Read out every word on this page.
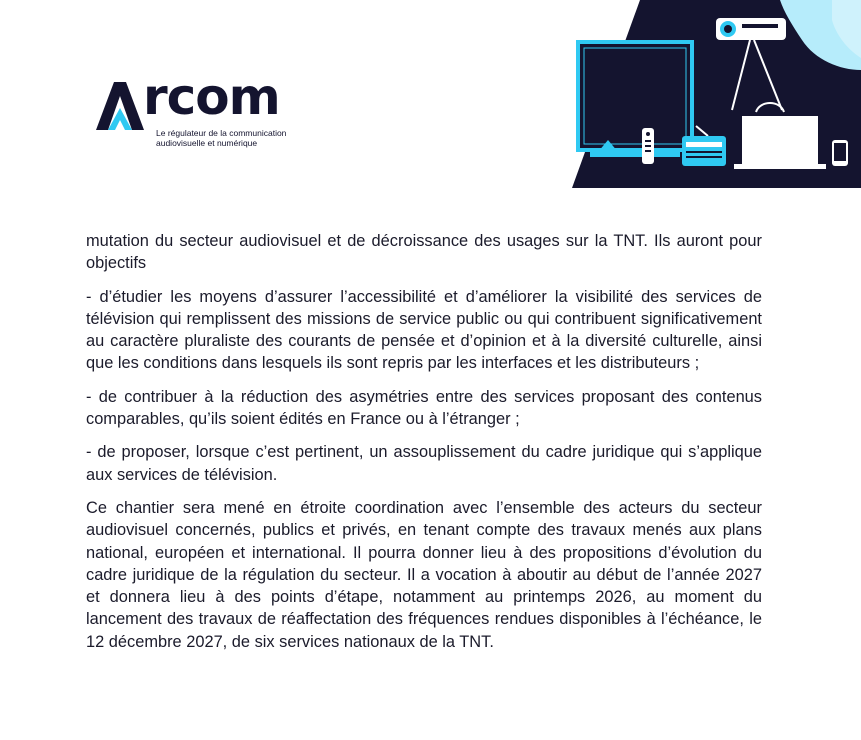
rcom
Le régulateur de la communication
audiovisuelle et numérique

mutation du secteur audiovisuel et de décroissance des usages sur la TNT. Ils auront pour objectifs

- d’étudier les moyens d’assurer l’accessibilité et d’améliorer la visibilité des services de télévision qui remplissent des missions de service public ou qui contribuent significativement au caractère pluraliste des courants de pensée et d’opinion et à la diversité culturelle, ainsi que les conditions dans lesquels ils sont repris par les interfaces et les distributeurs ;

- de contribuer à la réduction des asymétries entre des services proposant des contenus comparables, qu’ils soient édités en France ou à l’étranger ;

- de proposer, lorsque c’est pertinent, un assouplissement du cadre juridique qui s’applique aux services de télévision.

Ce chantier sera mené en étroite coordination avec l’ensemble des acteurs du secteur audiovisuel concernés, publics et privés, en tenant compte des travaux menés aux plans national, européen et international. Il pourra donner lieu à des propositions d’évolution du cadre juridique de la régulation du secteur. Il a vocation à aboutir au début de l’année 2027 et donnera lieu à des points d’étape, notamment au printemps 2026, au moment du lancement des travaux de réaffectation des fréquences rendues disponibles à l’échéance, le 12 décembre 2027, de six services nationaux de la TNT.
